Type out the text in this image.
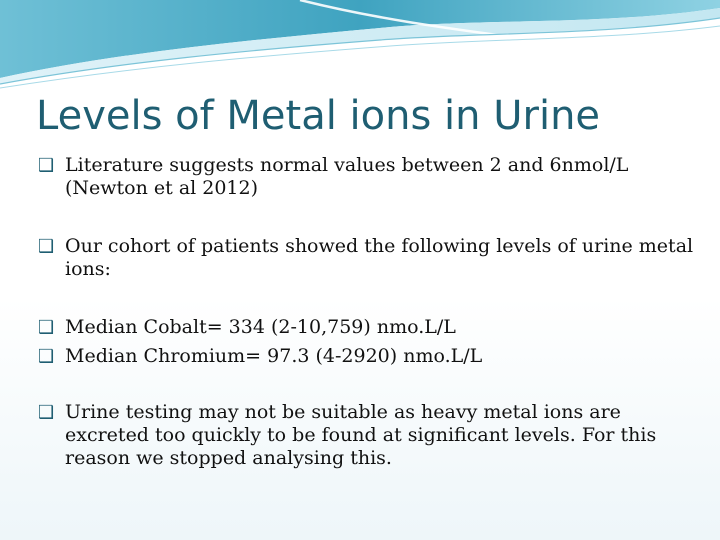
Levels of Metal ions in Urine
❑ Literature suggests normal values between 2 and 6nmol/L (Newton et al 2012)
❑ Our cohort of patients showed the following levels of urine metal ions:
❑ Median Cobalt= 334 (2-10,759) nmo.L/L
❑ Median Chromium= 97.3 (4-2920) nmo.L/L
❑ Urine testing may not be suitable as heavy metal ions are excreted too quickly to be found at significant levels. For this reason we stopped analysing this.
